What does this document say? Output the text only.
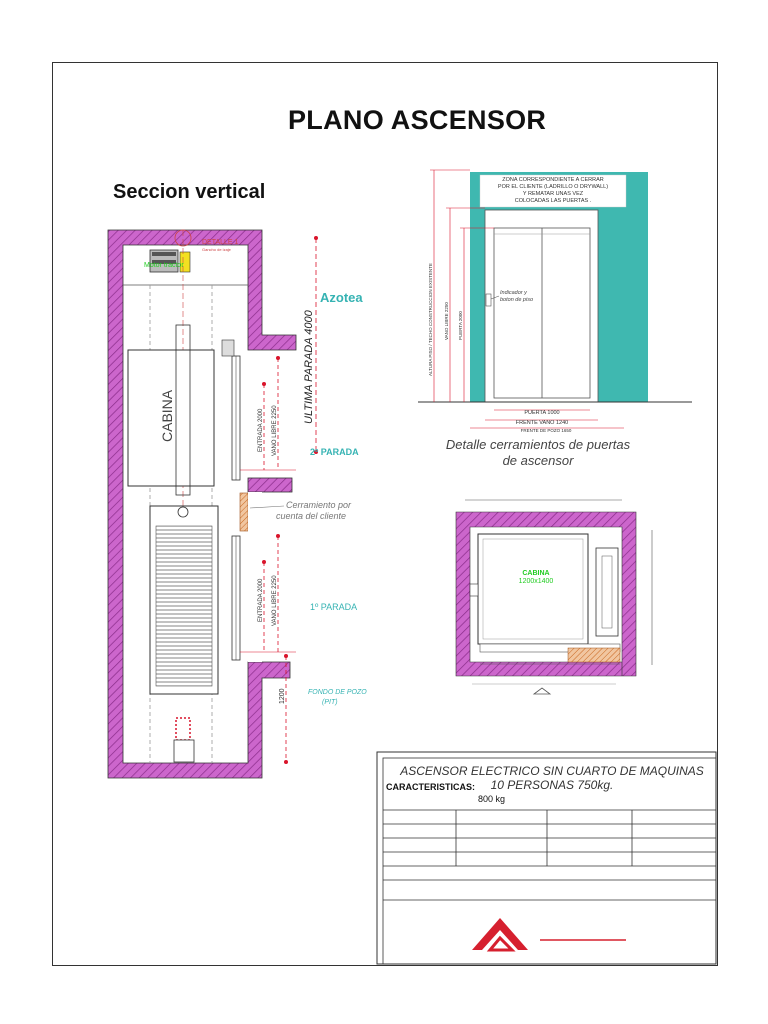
PLANO ASCENSOR
Seccion vertical
DETALLE 1
Gancho de izaje
Motor tractor
CABINA	ENTRADA 2000 VANO LIBRE 2250
ENTRADA 2000 VANO LIBRE 2250
ULTIMA PARADA 4000
1200
Azotea
2º PARADA
1º PARADA
Cerramiento por
cuenta del cliente
FONDO DE POZO
(PIT)
ZONA CORRESPONDIENTE A CERRAR
POR EL CLIENTE (LADRILLO O DRYWALL)
Y REMATAR UNAS VEZ
COLOCADAS LAS PUERTAS .
Indicador y
boton de piso
ALTURA PISO / TECHO CONSTRUCCION EXISTENTE VANO LIBRE 2250 PUERTA 2000
PUERTA 1000
FRENTE VANO 1240
FRENTE DE POZO 1650
Detalle cerramientos de puertas
de ascensor
CABINA
1200x1400
ASCENSOR ELECTRICO SIN CUARTO DE MAQUINAS
10 PERSONAS 750kg.
CARACTERISTICAS:
800 kg
